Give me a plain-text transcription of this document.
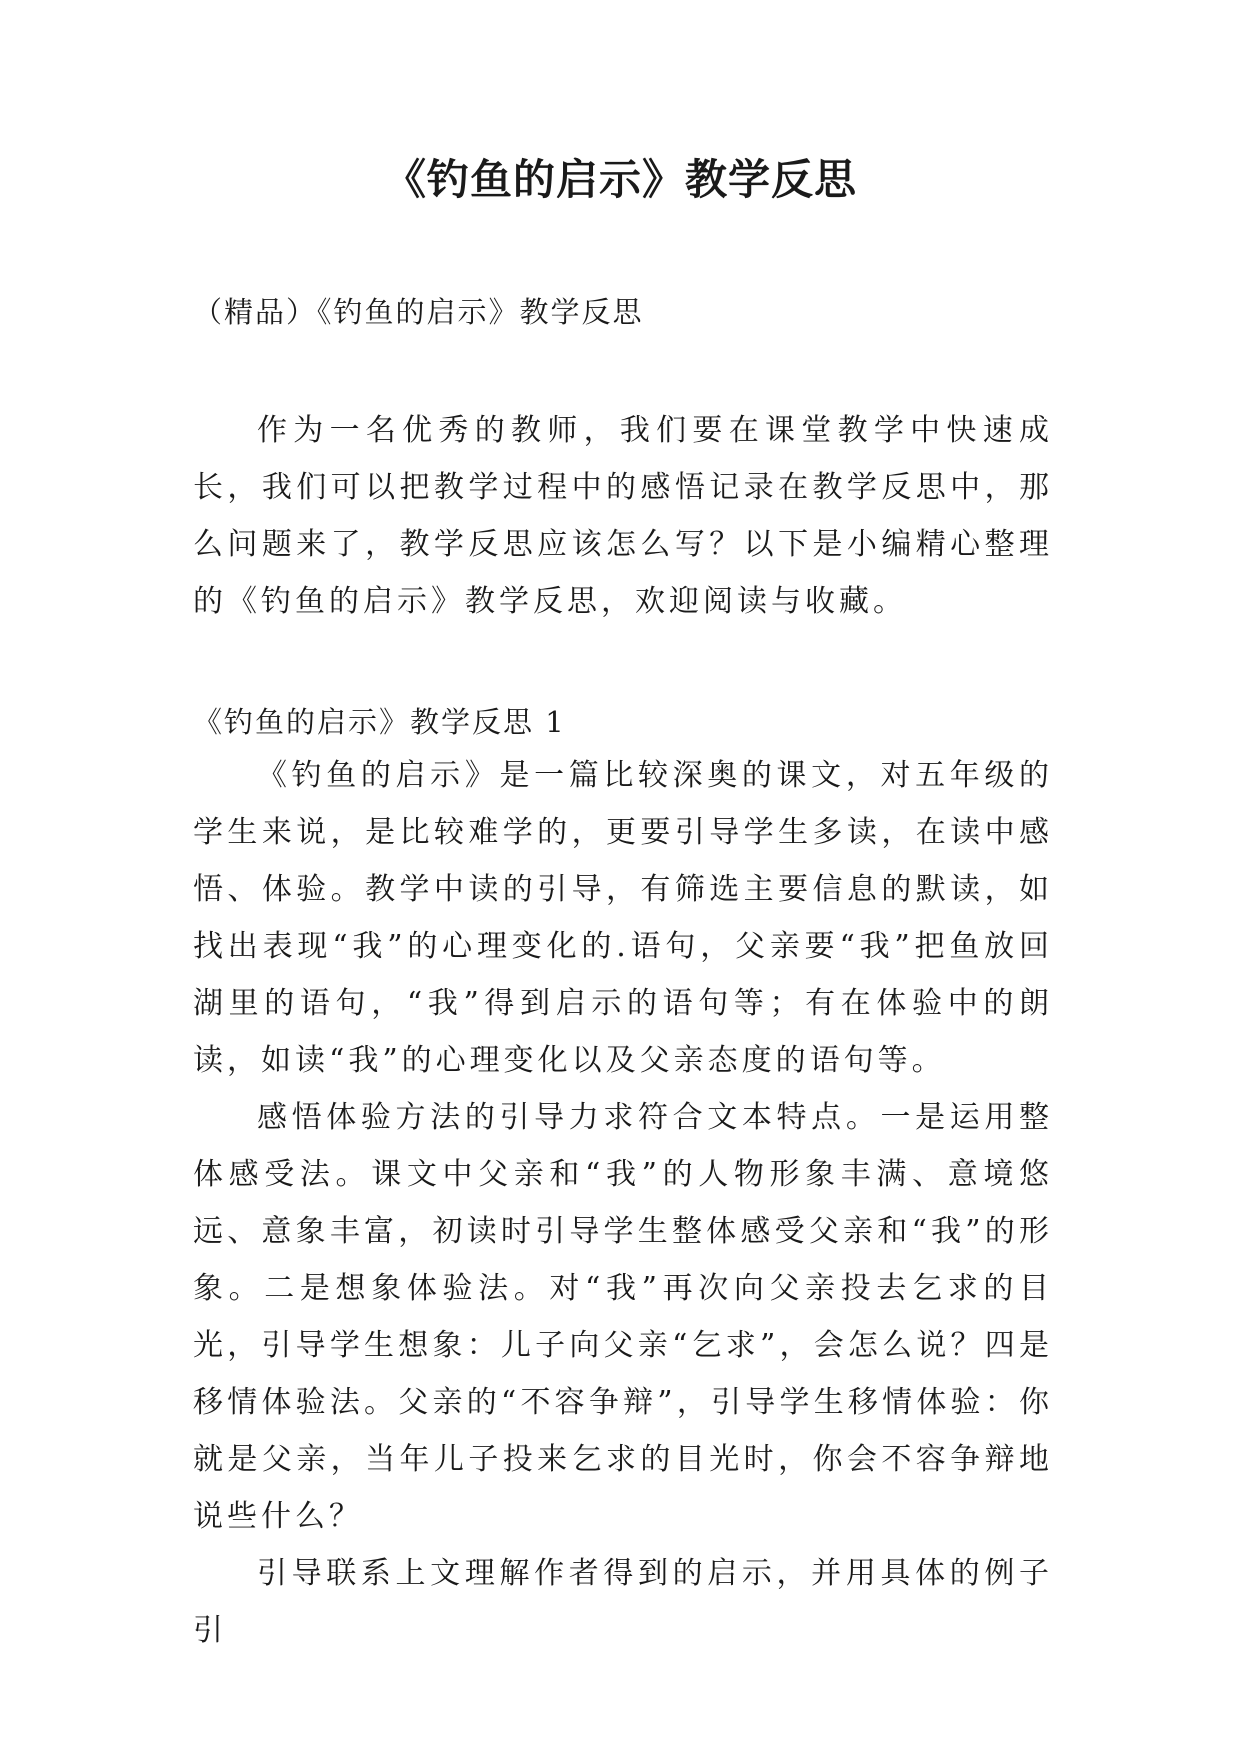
《钓鱼的启示》教学反思
（精品）《钓鱼的启示》教学反思

作为一名优秀的教师，我们要在课堂教学中快速成长，我们可以把教学过程中的感悟记录在教学反思中，那么问题来了，教学反思应该怎么写？以下是小编精心整理的《钓鱼的启示》教学反思，欢迎阅读与收藏。

《钓鱼的启示》教学反思 1

《钓鱼的启示》是一篇比较深奥的课文，对五年级的学生来说，是比较难学的，更要引导学生多读，在读中感悟、体验。教学中读的引导，有筛选主要信息的默读，如找出表现“我”的心理变化的.语句，父亲要“我”把鱼放回湖里的语句，“我”得到启示的语句等；有在体验中的朗读，如读“我”的心理变化以及父亲态度的语句等。

感悟体验方法的引导力求符合文本特点。一是运用整体感受法。课文中父亲和“我”的人物形象丰满、意境悠远、意象丰富，初读时引导学生整体感受父亲和“我”的形象。二是想象体验法。对“我”再次向父亲投去乞求的目光，引导学生想象：儿子向父亲“乞求”，会怎么说？四是移情体验法。父亲的“不容争辩”，引导学生移情体验：你就是父亲，当年儿子投来乞求的目光时，你会不容争辩地说些什么？

引导联系上文理解作者得到的启示，并用具体的例子引
